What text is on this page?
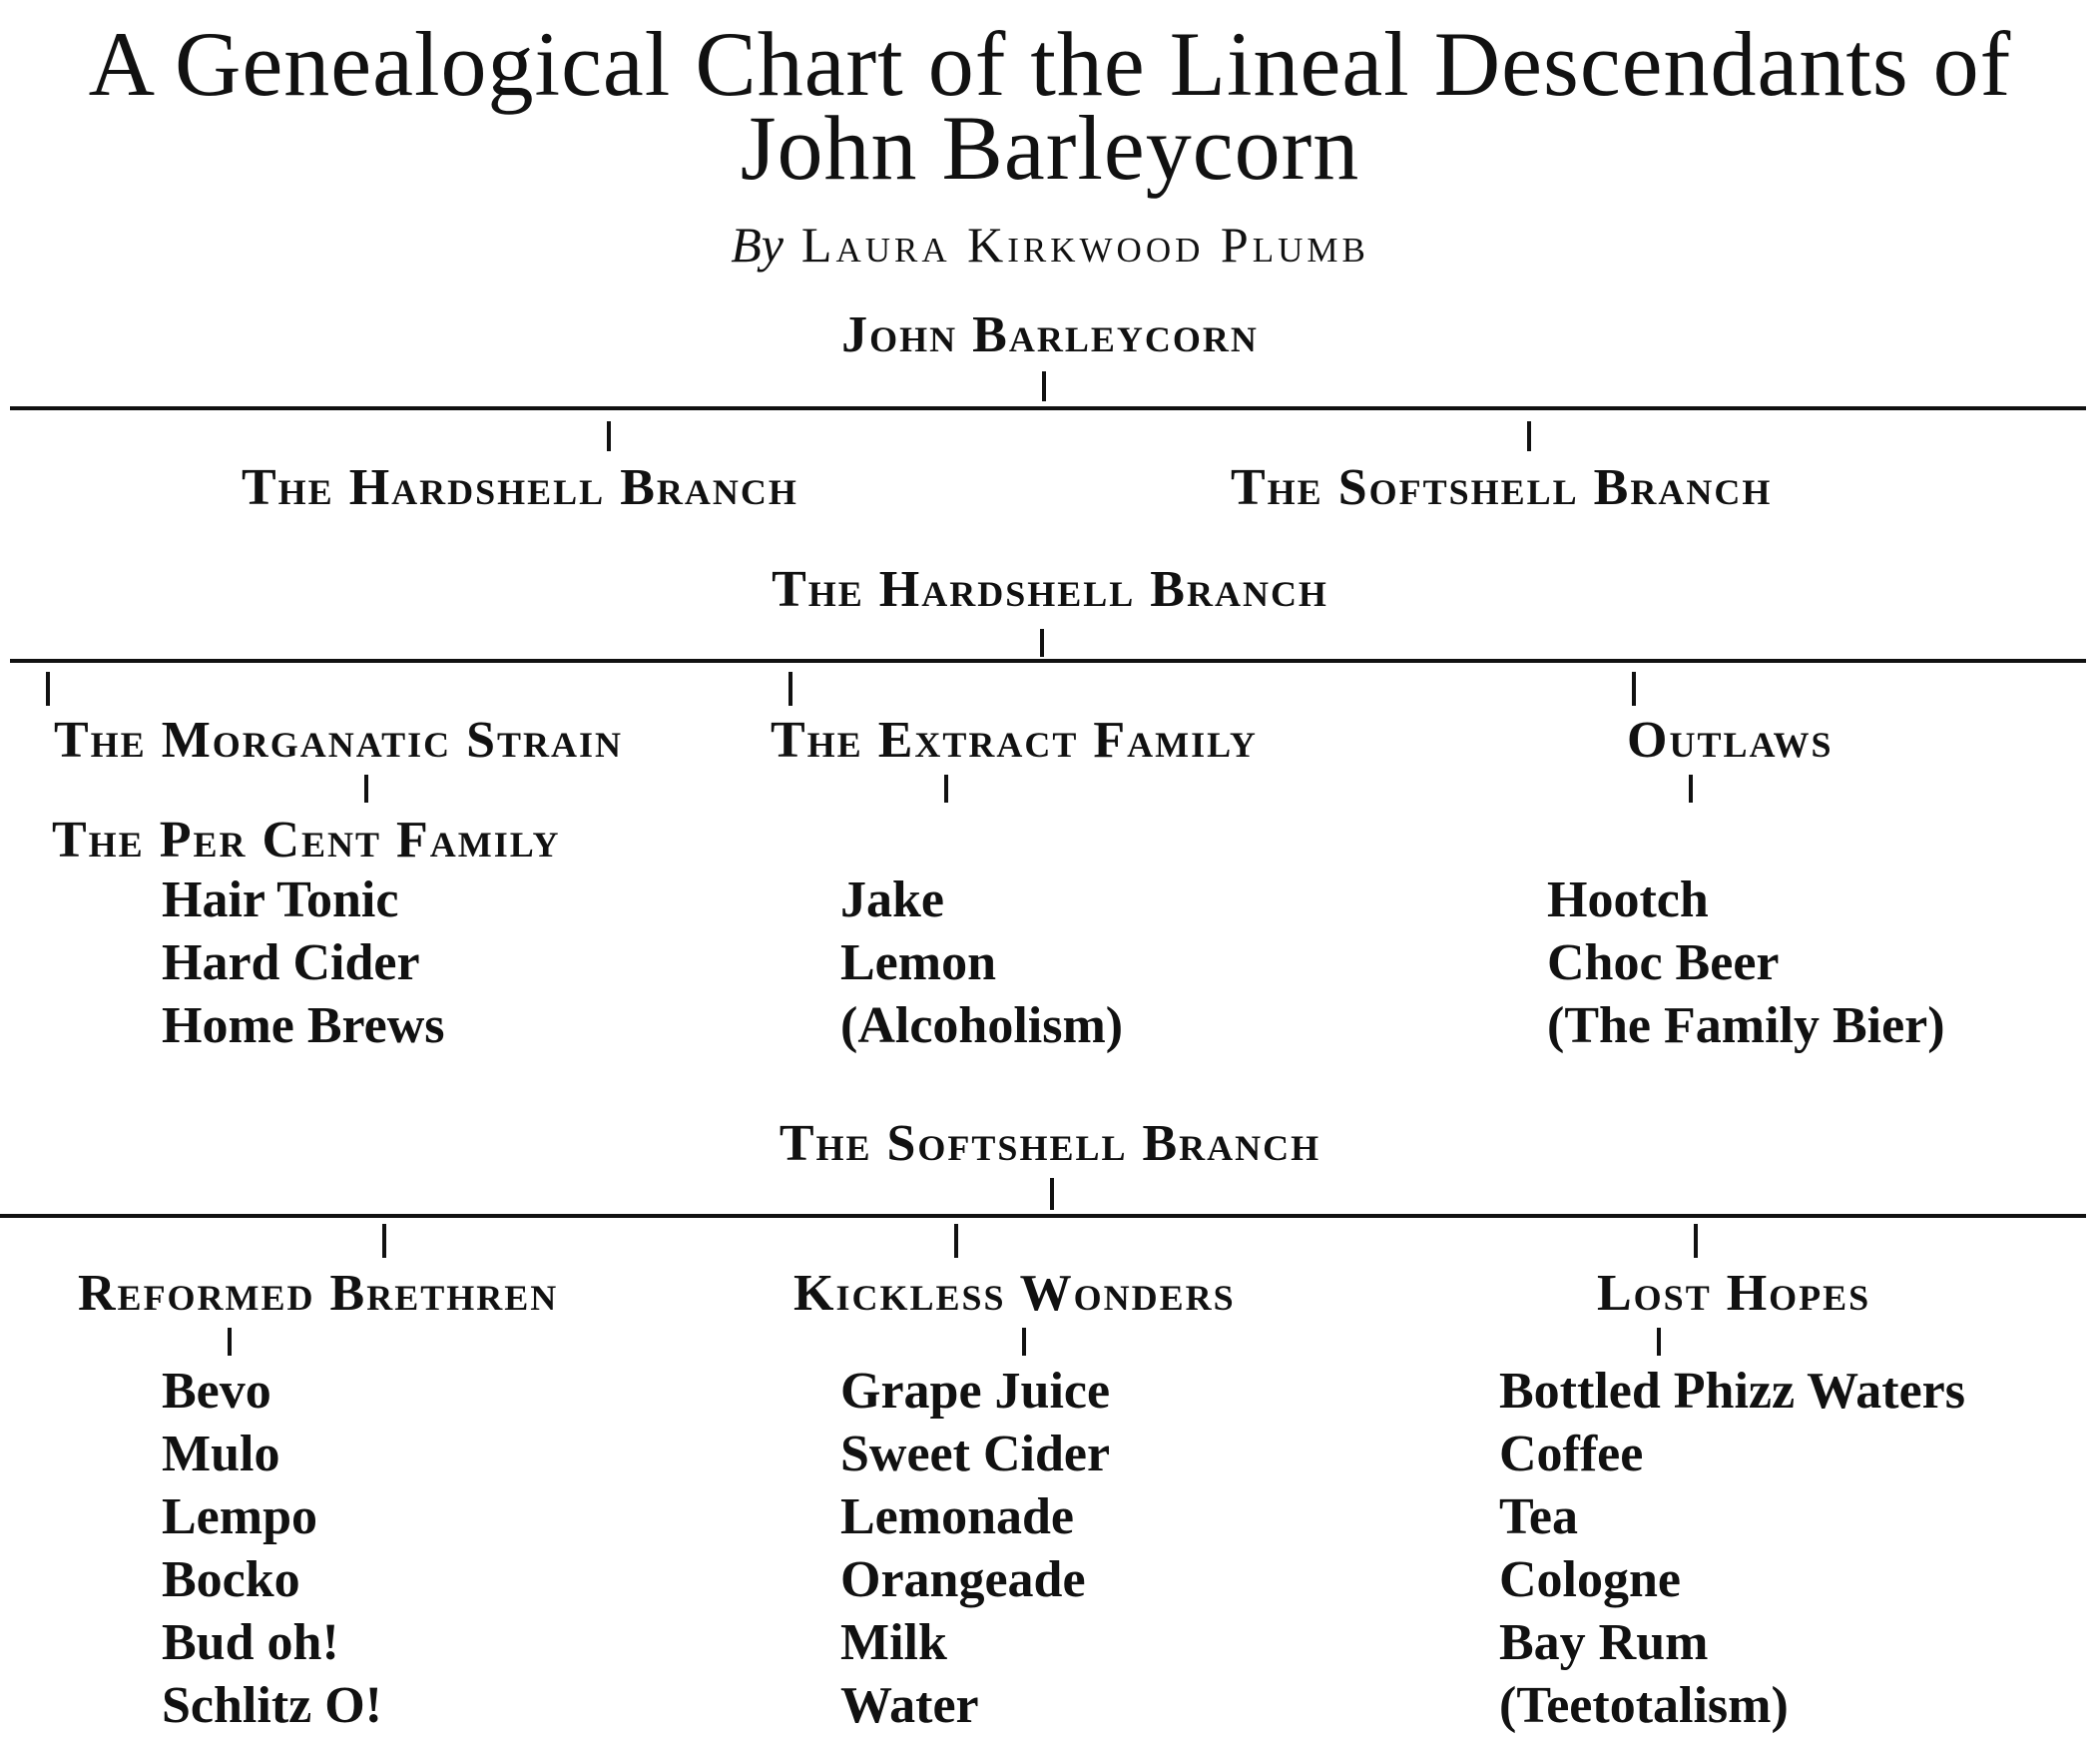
A Genealogical Chart of the Lineal Descendants of
John Barleycorn
By Laura Kirkwood Plumb
John Barleycorn
The Hardshell Branch	The Softshell Branch
The Hardshell Branch
The Morganatic Strain	The Extract Family	Outlaws
The Per Cent Family
Hair Tonic
Hard Cider
Home Brews
Jake
Lemon
(Alcoholism)
Hootch
Choc Beer
(The Family Bier)
The Softshell Branch
Reformed Brethren	Kickless Wonders	Lost Hopes
Bevo
Mulo
Lempo
Bocko
Bud oh!
Schlitz O!
Grape Juice
Sweet Cider
Lemonade
Orangeade
Milk
Water
Bottled Phizz Waters
Coffee
Tea
Cologne
Bay Rum
(Teetotalism)
